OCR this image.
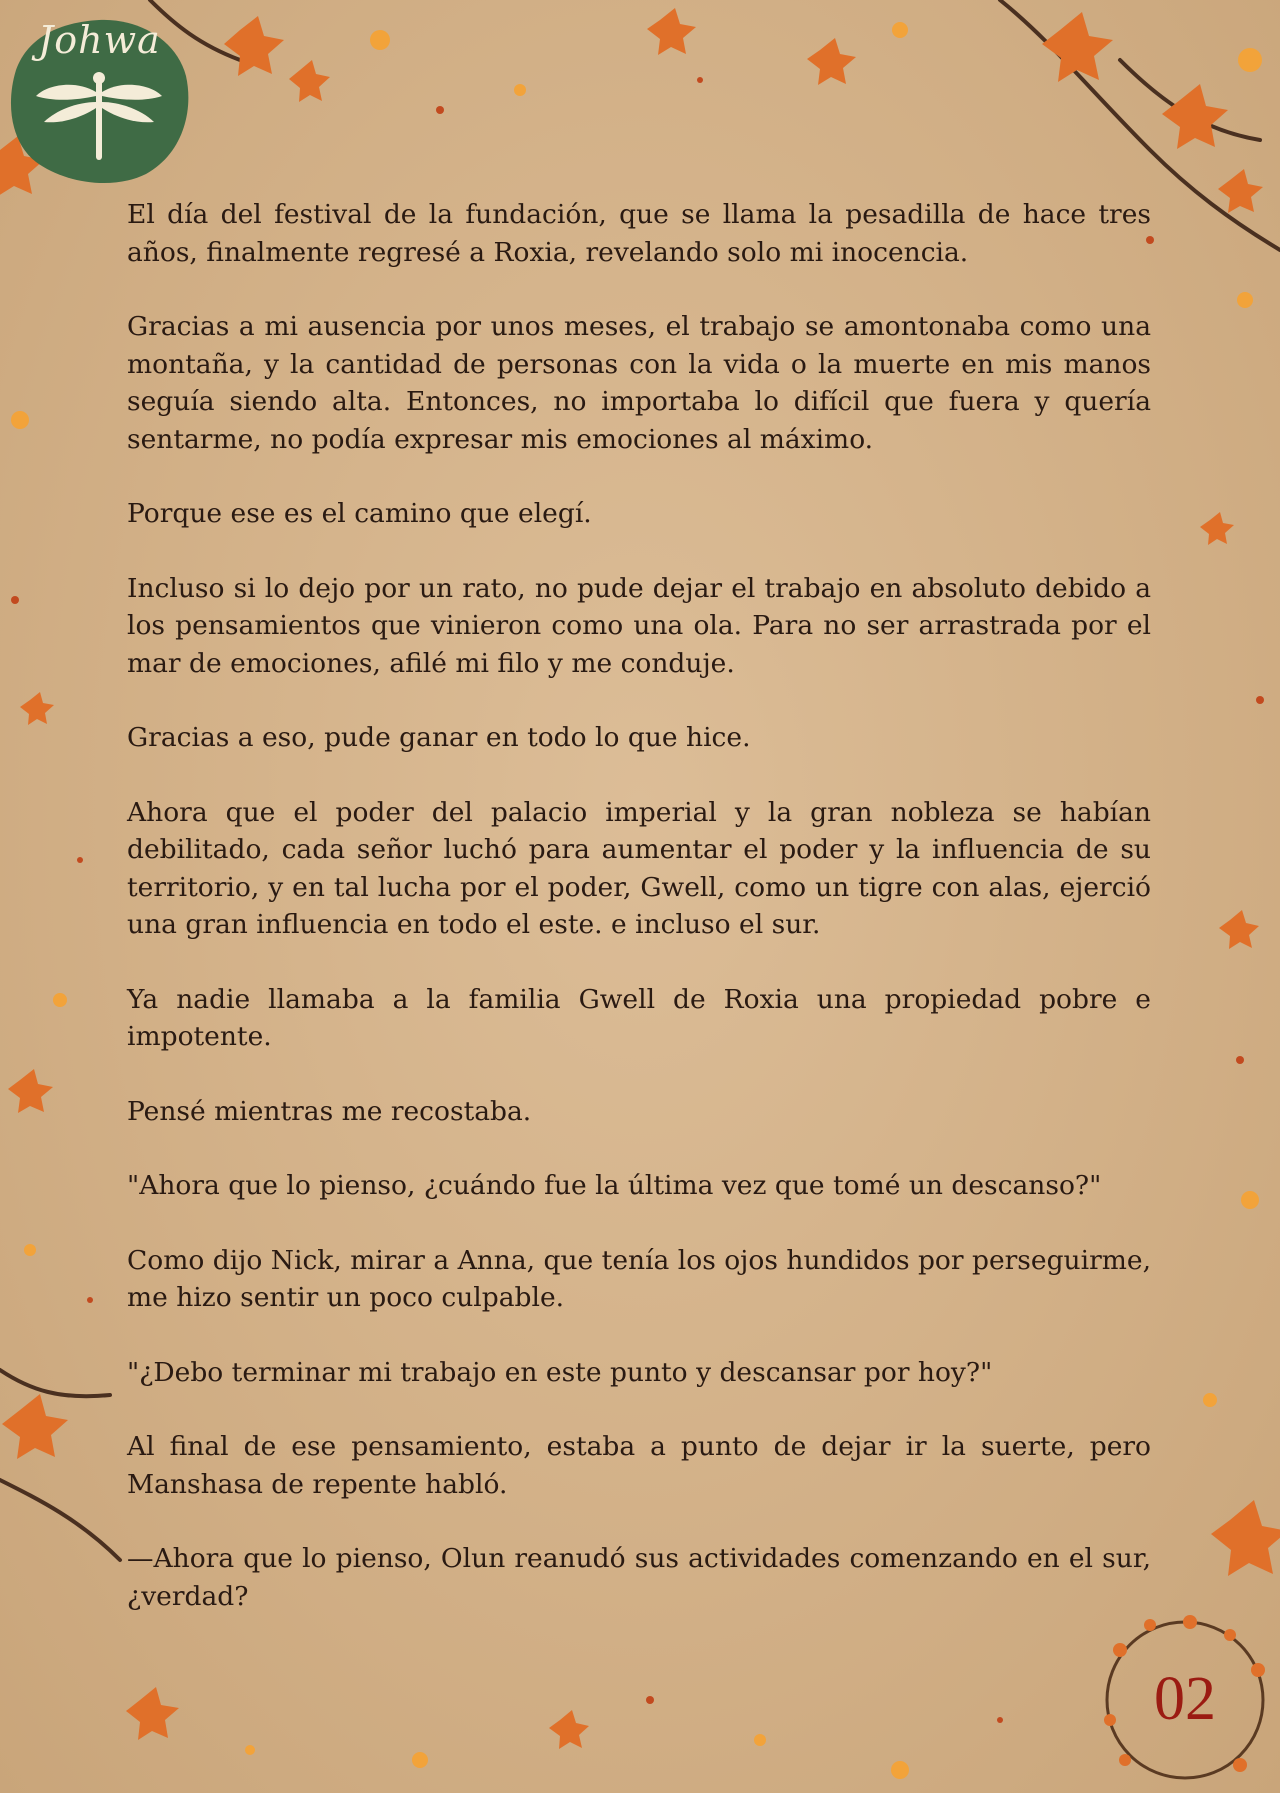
Johwa

El día del festival de la fundación, que se llama la pesadilla de hace tres años, finalmente regresé a Roxia, revelando solo mi inocencia.

Gracias a mi ausencia por unos meses, el trabajo se amontonaba como una montaña, y la cantidad de personas con la vida o la muerte en mis manos seguía siendo alta. Entonces, no importaba lo difícil que fuera y quería sentarme, no podía expresar mis emociones al máximo.

Porque ese es el camino que elegí.

Incluso si lo dejo por un rato, no pude dejar el trabajo en absoluto debido a los pensamientos que vinieron como una ola. Para no ser arrastrada por el mar de emociones, afilé mi filo y me conduje.

Gracias a eso, pude ganar en todo lo que hice.

Ahora que el poder del palacio imperial y la gran nobleza se habían debilitado, cada señor luchó para aumentar el poder y la influencia de su territorio, y en tal lucha por el poder, Gwell, como un tigre con alas, ejerció una gran influencia en todo el este. e incluso el sur.

Ya nadie llamaba a la familia Gwell de Roxia una propiedad pobre e impotente.

Pensé mientras me recostaba.

"Ahora que lo pienso, ¿cuándo fue la última vez que tomé un descanso?"

Como dijo Nick, mirar a Anna, que tenía los ojos hundidos por perseguirme, me hizo sentir un poco culpable.

"¿Debo terminar mi trabajo en este punto y descansar por hoy?"

Al final de ese pensamiento, estaba a punto de dejar ir la suerte, pero Manshasa de repente habló.

—Ahora que lo pienso, Olun reanudó sus actividades comenzando en el sur, ¿verdad?

02
